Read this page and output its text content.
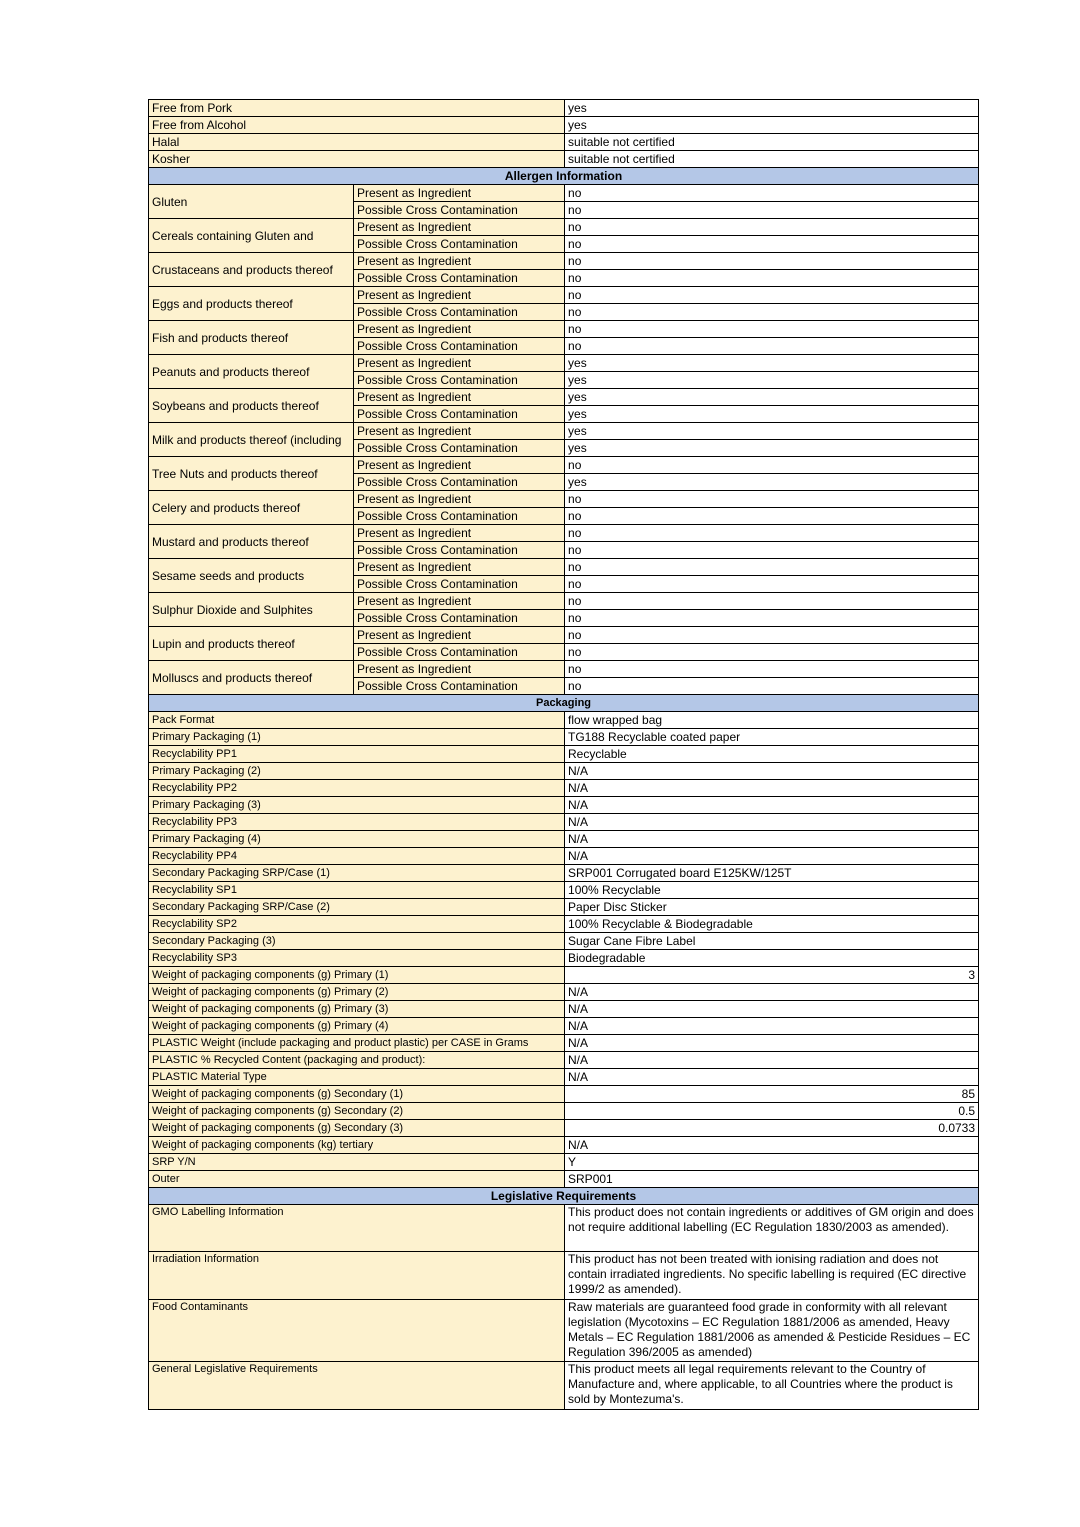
Free from Pork		yes
Free from Alcohol		yes
Halal		suitable not certified
Kosher		suitable not certified
Allergen Information		
Gluten	Present as Ingredient	no
	Possible Cross Contamination	no
Cereals containing Gluten and	Present as Ingredient	no
	Possible Cross Contamination	no
Crustaceans and products thereof	Present as Ingredient	no
	Possible Cross Contamination	no
Eggs and products thereof	Present as Ingredient	no
	Possible Cross Contamination	no
Fish and products thereof	Present as Ingredient	no
	Possible Cross Contamination	no
Peanuts and products thereof	Present as Ingredient	yes
	Possible Cross Contamination	yes
Soybeans and products thereof	Present as Ingredient	yes
	Possible Cross Contamination	yes
Milk and products thereof (including	Present as Ingredient	yes
	Possible Cross Contamination	yes
Tree Nuts and products thereof	Present as Ingredient	no
	Possible Cross Contamination	yes
Celery and products thereof	Present as Ingredient	no
	Possible Cross Contamination	no
Mustard and products thereof	Present as Ingredient	no
	Possible Cross Contamination	no
Sesame seeds and products	Present as Ingredient	no
	Possible Cross Contamination	no
Sulphur Dioxide and Sulphites	Present as Ingredient	no
	Possible Cross Contamination	no
Lupin and products thereof	Present as Ingredient	no
	Possible Cross Contamination	no
Molluscs and products thereof	Present as Ingredient	no
	Possible Cross Contamination	no
Packaging		
Pack Format		flow wrapped bag
Primary Packaging (1)		TG188 Recyclable coated paper
Recyclability PP1		Recyclable
Primary Packaging (2)		N/A
Recyclability PP2		N/A
Primary Packaging (3)		N/A
Recyclability PP3		N/A
Primary Packaging (4)		N/A
Recyclability PP4		N/A
Secondary Packaging SRP/Case (1)		SRP001 Corrugated board E125KW/125T
Recyclability SP1		100% Recyclable
Secondary Packaging SRP/Case (2)		Paper Disc Sticker
Recyclability SP2		100% Recyclable & Biodegradable
Secondary Packaging (3)		Sugar Cane Fibre Label
Recyclability SP3		Biodegradable
Weight of packaging components (g) Primary (1)		3
Weight of packaging components (g) Primary (2)		N/A
Weight of packaging components (g) Primary (3)		N/A
Weight of packaging components (g) Primary (4)		N/A
PLASTIC Weight (include packaging and product plastic) per CASE in Grams		N/A
PLASTIC % Recycled Content (packaging and product):		N/A
PLASTIC Material Type		N/A
Weight of packaging components (g) Secondary (1)		85
Weight of packaging components (g) Secondary (2)		0.5
Weight of packaging components (g) Secondary (3)		0.0733
Weight of packaging components (kg) tertiary		N/A
SRP Y/N		Y
Outer		SRP001
Legislative Requirements		
GMO Labelling Information		This product does not contain ingredients or additives of GM origin and does not require additional labelling (EC Regulation 1830/2003 as amended).
Irradiation Information		This product has not been treated with ionising radiation and does not contain irradiated ingredients. No specific labelling is required (EC directive 1999/2 as amended).
Food Contaminants		Raw materials are guaranteed food grade in conformity with all relevant legislation (Mycotoxins – EC Regulation 1881/2006 as amended, Heavy Metals – EC Regulation 1881/2006 as amended & Pesticide Residues – EC Regulation 396/2005 as amended)
General Legislative Requirements		This product meets all legal requirements relevant to the Country of Manufacture and, where applicable, to all Countries where the product is sold by Montezuma's.
